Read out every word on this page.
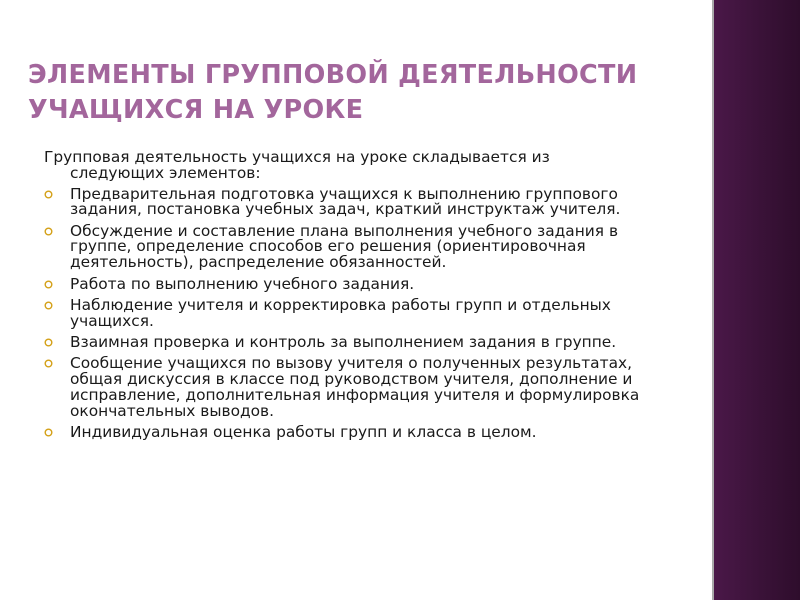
ЭЛЕМЕНТЫ ГРУППОВОЙ ДЕЯТЕЛЬНОСТИ УЧАЩИХСЯ НА УРОКЕ

Групповая деятельность учащихся на уроке складывается из следующих элементов:

Предварительная подготовка учащихся к выполнению группового задания, постановка учебных задач, краткий инструктаж учителя.
Обсуждение и составление плана выполнения учебного задания в группе, определение способов его решения (ориентировочная деятельность), распределение обязанностей.
Работа по выполнению учебного задания.
Наблюдение учителя и корректировка работы групп и отдельных учащихся.
Взаимная проверка и контроль за выполнением задания в группе.
Сообщение учащихся по вызову учителя о полученных результатах, общая дискуссия в классе под руководством учителя, дополнение и исправление, дополнительная информация учителя и формулировка окончательных выводов.
Индивидуальная оценка работы групп и класса в целом.
